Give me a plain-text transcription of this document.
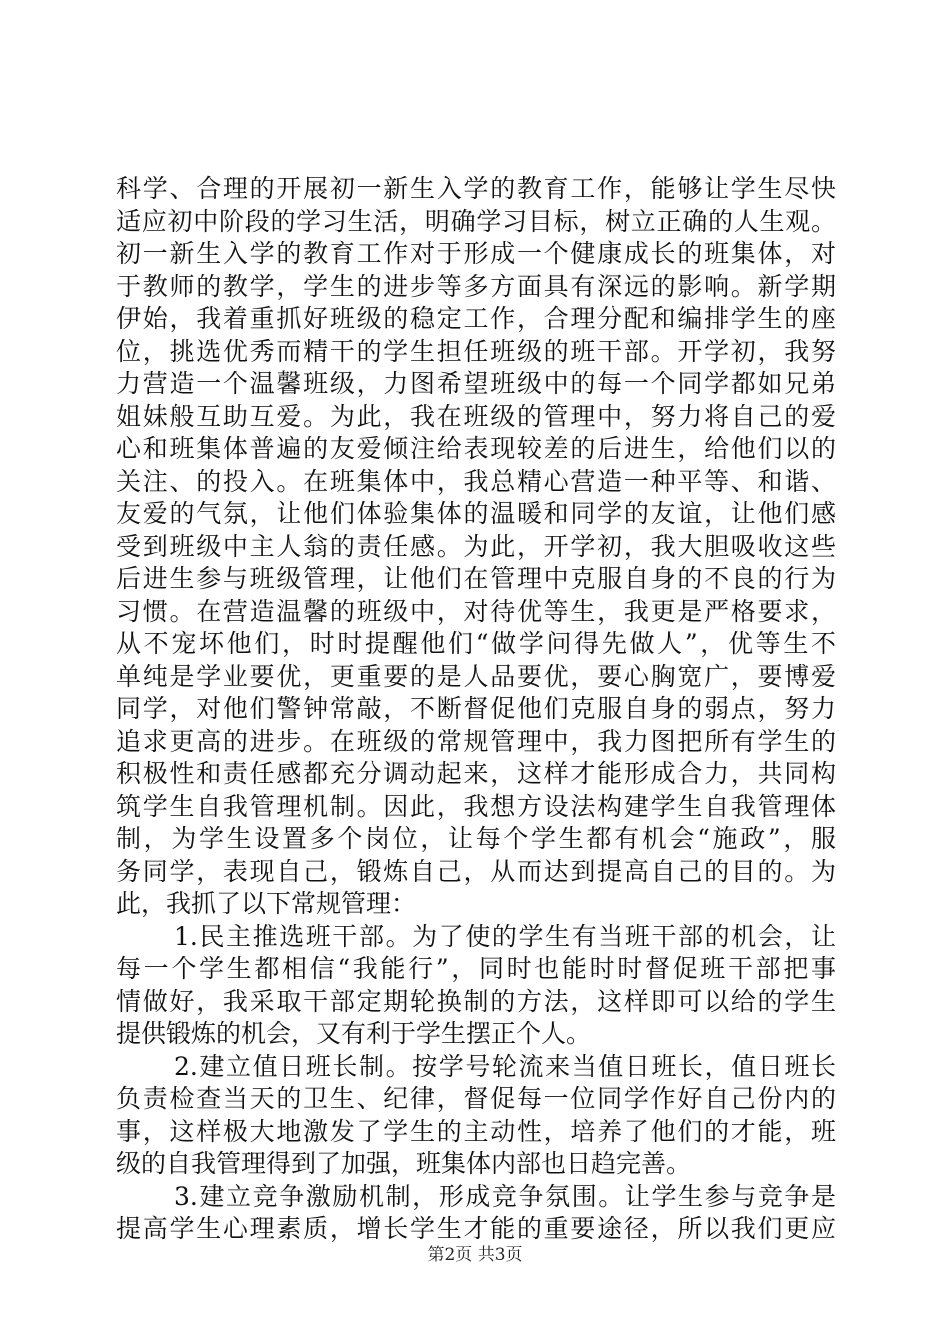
科学、合理的开展初一新生入学的教育工作，能够让学生尽快
适应初中阶段的学习生活，明确学习目标，树立正确的人生观。
初一新生入学的教育工作对于形成一个健康成长的班集体，对
于教师的教学，学生的进步等多方面具有深远的影响。新学期
伊始，我着重抓好班级的稳定工作，合理分配和编排学生的座
位，挑选优秀而精干的学生担任班级的班干部。开学初，我努
力营造一个温馨班级，力图希望班级中的每一个同学都如兄弟
姐妹般互助互爱。为此，我在班级的管理中，努力将自己的爱
心和班集体普遍的友爱倾注给表现较差的后进生，给他们以的
关注、的投入。在班集体中，我总精心营造一种平等、和谐、
友爱的气氛，让他们体验集体的温暖和同学的友谊，让他们感
受到班级中主人翁的责任感。为此，开学初，我大胆吸收这些
后进生参与班级管理，让他们在管理中克服自身的不良的行为
习惯。在营造温馨的班级中，对待优等生，我更是严格要求，
从不宠坏他们，时时提醒他们“做学问得先做人”，优等生不
单纯是学业要优，更重要的是人品要优，要心胸宽广，要博爱
同学，对他们警钟常敲，不断督促他们克服自身的弱点，努力
追求更高的进步。在班级的常规管理中，我力图把所有学生的
积极性和责任感都充分调动起来，这样才能形成合力，共同构
筑学生自我管理机制。因此，我想方设法构建学生自我管理体
制，为学生设置多个岗位，让每个学生都有机会“施政”，服
务同学，表现自己，锻炼自己，从而达到提高自己的目的。为
此，我抓了以下常规管理：
1.民主推选班干部。为了使的学生有当班干部的机会，让
每一个学生都相信“我能行”，同时也能时时督促班干部把事
情做好，我采取干部定期轮换制的方法，这样即可以给的学生
提供锻炼的机会，又有利于学生摆正个人。
2.建立值日班长制。按学号轮流来当值日班长，值日班长
负责检查当天的卫生、纪律，督促每一位同学作好自己份内的
事，这样极大地激发了学生的主动性，培养了他们的才能，班
级的自我管理得到了加强，班集体内部也日趋完善。
3.建立竞争激励机制，形成竞争氛围。让学生参与竞争是
提高学生心理素质，增长学生才能的重要途径，所以我们更应
第2页 共3页
